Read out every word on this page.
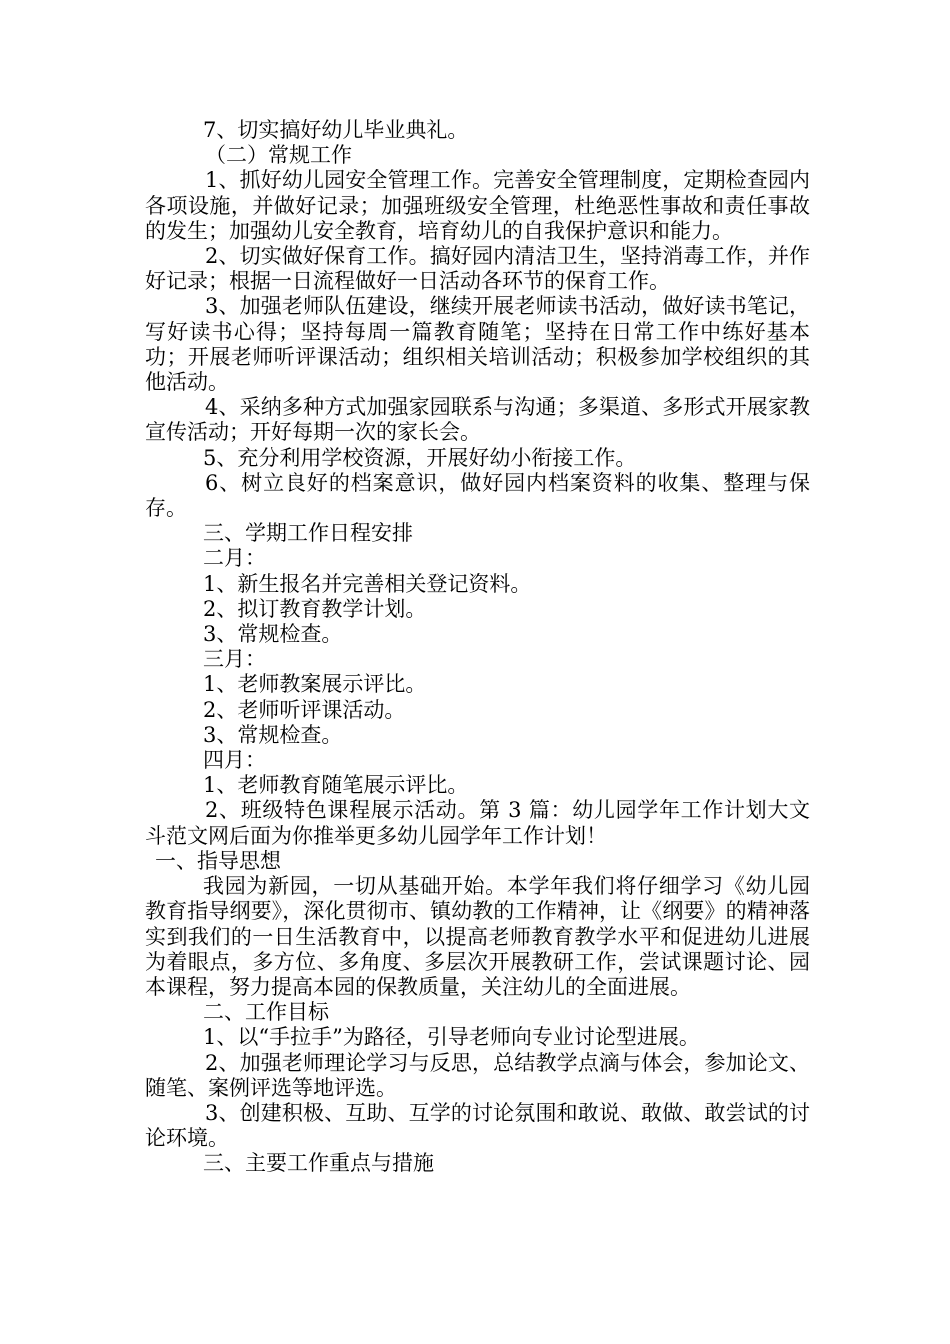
7、切实搞好幼儿毕业典礼。

（二）常规工作

1、抓好幼儿园安全管理工作。完善安全管理制度，定期检查园内各项设施，并做好记录；加强班级安全管理，杜绝恶性事故和责任事故的发生；加强幼儿安全教育，培育幼儿的自我保护意识和能力。

2、切实做好保育工作。搞好园内清洁卫生，坚持消毒工作，并作好记录；根据一日流程做好一日活动各环节的保育工作。

3、加强老师队伍建设，继续开展老师读书活动，做好读书笔记，写好读书心得；坚持每周一篇教育随笔；坚持在日常工作中练好基本功；开展老师听评课活动；组织相关培训活动；积极参加学校组织的其他活动。

4、采纳多种方式加强家园联系与沟通；多渠道、多形式开展家教宣传活动；开好每期一次的家长会。

5、充分利用学校资源，开展好幼小衔接工作。

6、树立良好的档案意识，做好园内档案资料的收集、整理与保存。

三、学期工作日程安排

二月：

1、新生报名并完善相关登记资料。

2、拟订教育教学计划。

3、常规检查。

三月：

1、老师教案展示评比。

2、老师听评课活动。

3、常规检查。

四月：

1、老师教育随笔展示评比。

2、班级特色课程展示活动。第 3 篇：幼儿园学年工作计划大文斗范文网后面为你推举更多幼儿园学年工作计划！

一、指导思想

我园为新园，一切从基础开始。本学年我们将仔细学习《幼儿园教育指导纲要》，深化贯彻市、镇幼教的工作精神，让《纲要》的精神落实到我们的一日生活教育中，以提高老师教育教学水平和促进幼儿进展为着眼点，多方位、多角度、多层次开展教研工作，尝试课题讨论、园本课程，努力提高本园的保教质量，关注幼儿的全面进展。

二、工作目标

1、以“手拉手”为路径，引导老师向专业讨论型进展。

2、加强老师理论学习与反思，总结教学点滴与体会，参加论文、随笔、案例评选等地评选。

3、创建积极、互助、互学的讨论氛围和敢说、敢做、敢尝试的讨论环境。

三、主要工作重点与措施
